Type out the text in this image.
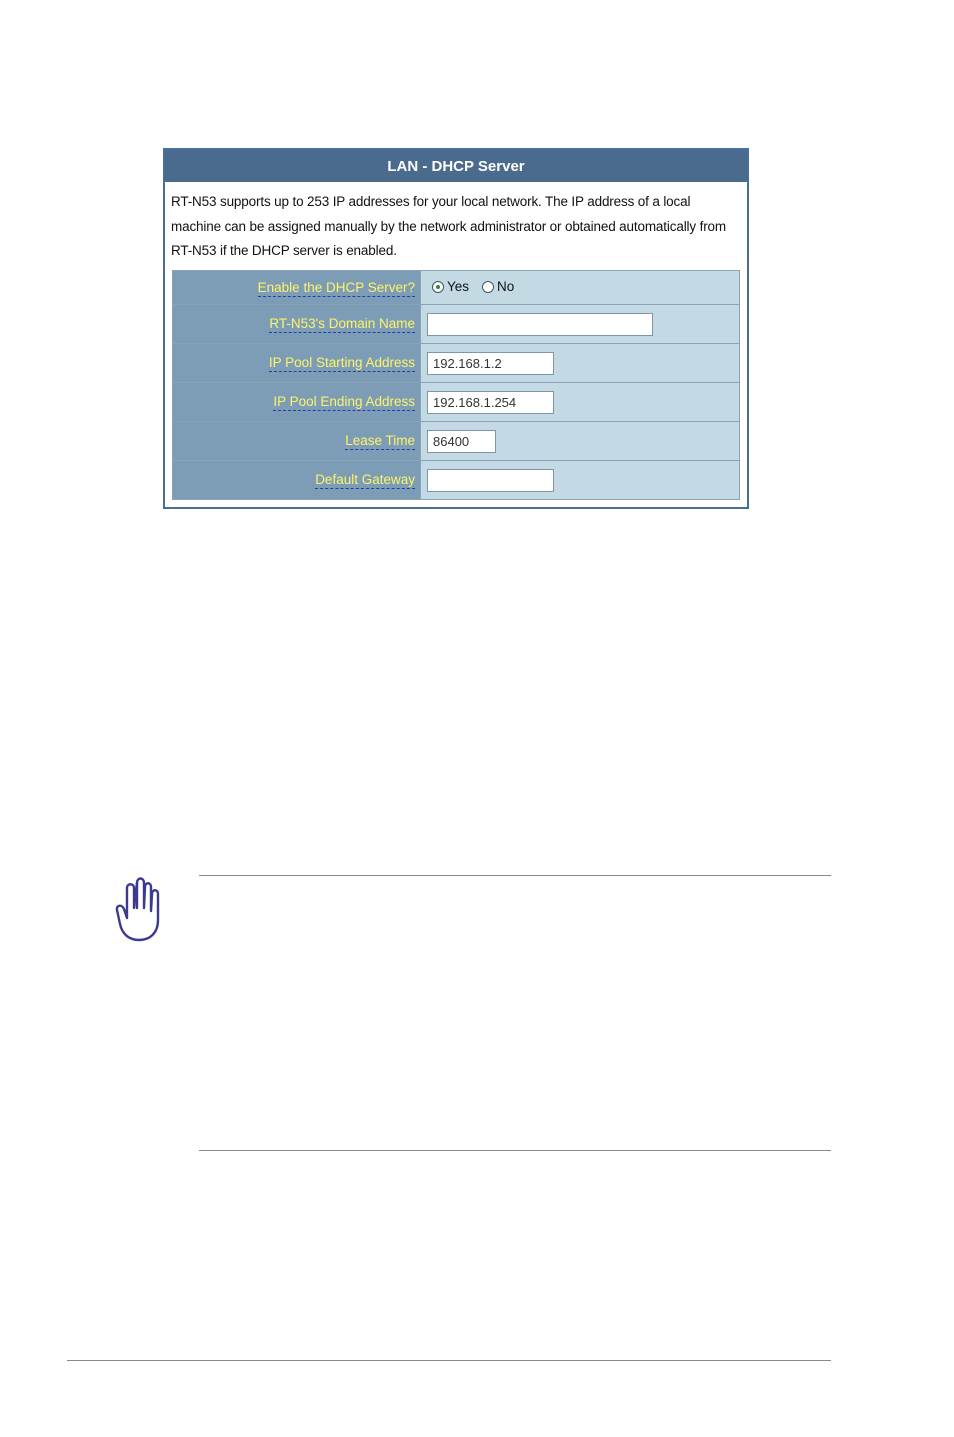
LAN - DHCP Server
RT-N53 supports up to 253 IP addresses for your local network. The IP address of a local machine can be assigned manually by the network administrator or obtained automatically from RT-N53 if the DHCP server is enabled.
Enable the DHCP Server?	Yes No

RT-N53's Domain Name	
IP Pool Starting Address	192.168.1.2
IP Pool Ending Address	192.168.1.254
Lease Time	86400
Default Gateway	
